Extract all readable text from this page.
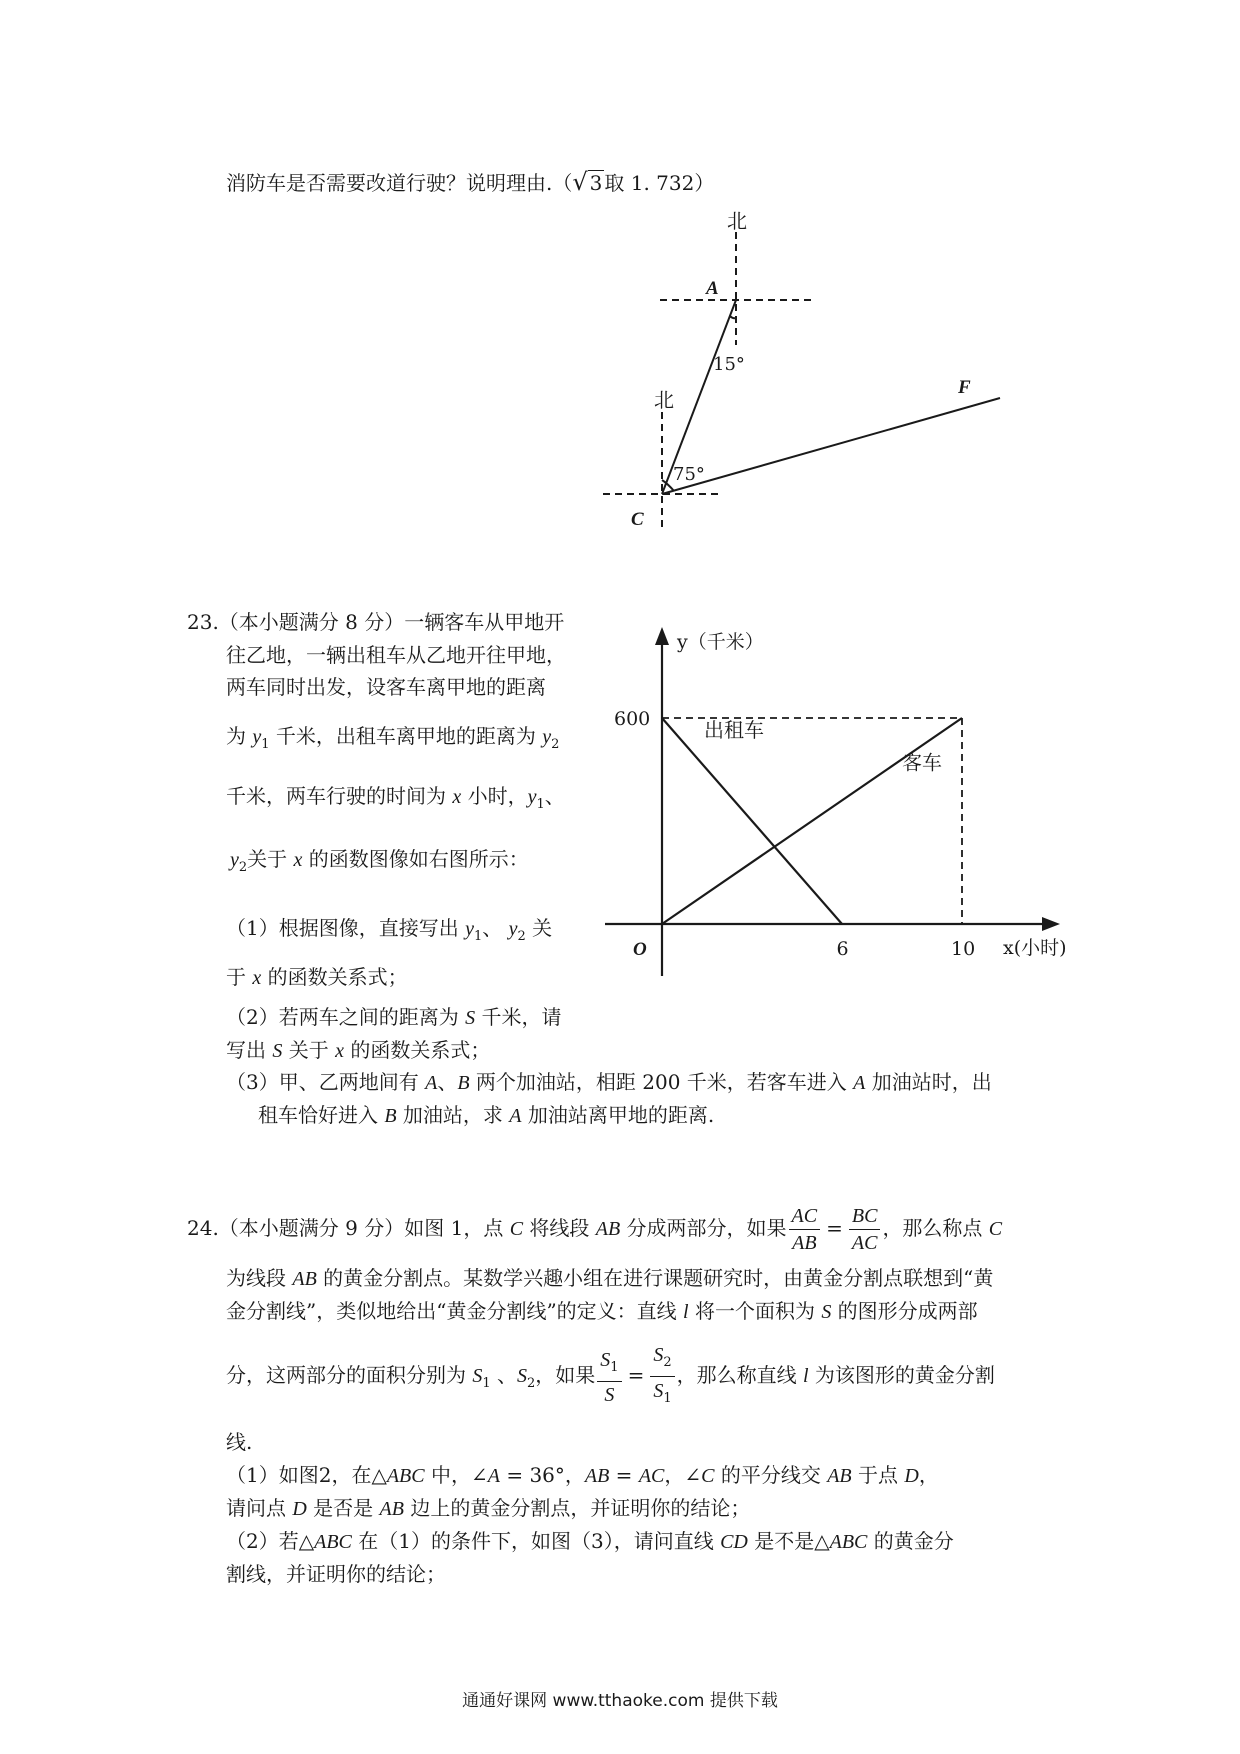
消防车是否需要改道行驶？说明理由.（√ 3 取 1. 732）
北
A
15°
F
北
75°
C
23.（本小题满分 8 分）一辆客车从甲地开
往乙地，一辆出租车从乙地开往甲地，
两车同时出发，设客车离甲地的距离
为 $y_1$ 千米，出租车离甲地的距离为 $y_2$
千米，两车行驶的时间为 x 小时，$y_1$、
$y_2$关于 x 的函数图像如右图所示：
（1）根据图像，直接写出 $y_1$、 $y_2$ 关
于 x 的函数关系式；
（2）若两车之间的距离为 S 千米，请
写出 S 关于 x 的函数关系式；
（3）甲、乙两地间有 A、B 两个加油站，相距 200 千米，若客车进入 A 加油站时，出
租车恰好进入 B 加油站，求 A 加油站离甲地的距离.
y（千米）
x(小时)
O
出租车
客车
600
6	10
24.（本小题满分 9 分）如图 1，点 C 将线段 AB 分成两部分，如果 $\frac{AC}{AB} = \frac{BC}{AC}$ ，那么称点 C
为线段 AB 的黄金分割点。某数学兴趣小组在进行课题研究时，由黄金分割点联想到“黄
金分割线”，类似地给出“黄金分割线”的定义：直线 l 将一个面积为 S 的图形分成两部
分，这两部分的面积分别为 $S_1$ 、$S_2$，如果 $\frac{S_1}{S} = \frac{S_2}{S_1}$ ，那么称直线 l 为该图形的黄金分割
线.
（1）如图2，在△ABC 中，∠A = 36°，AB = AC，∠C 的平分线交 AB 于点 D，
请问点 D 是否是 AB 边上的黄金分割点，并证明你的结论；
（2）若△ABC 在（1）的条件下，如图（3），请问直线 CD 是不是△ABC 的黄金分
割线，并证明你的结论；
通通好课网 www.tthaoke.com 提供下载
